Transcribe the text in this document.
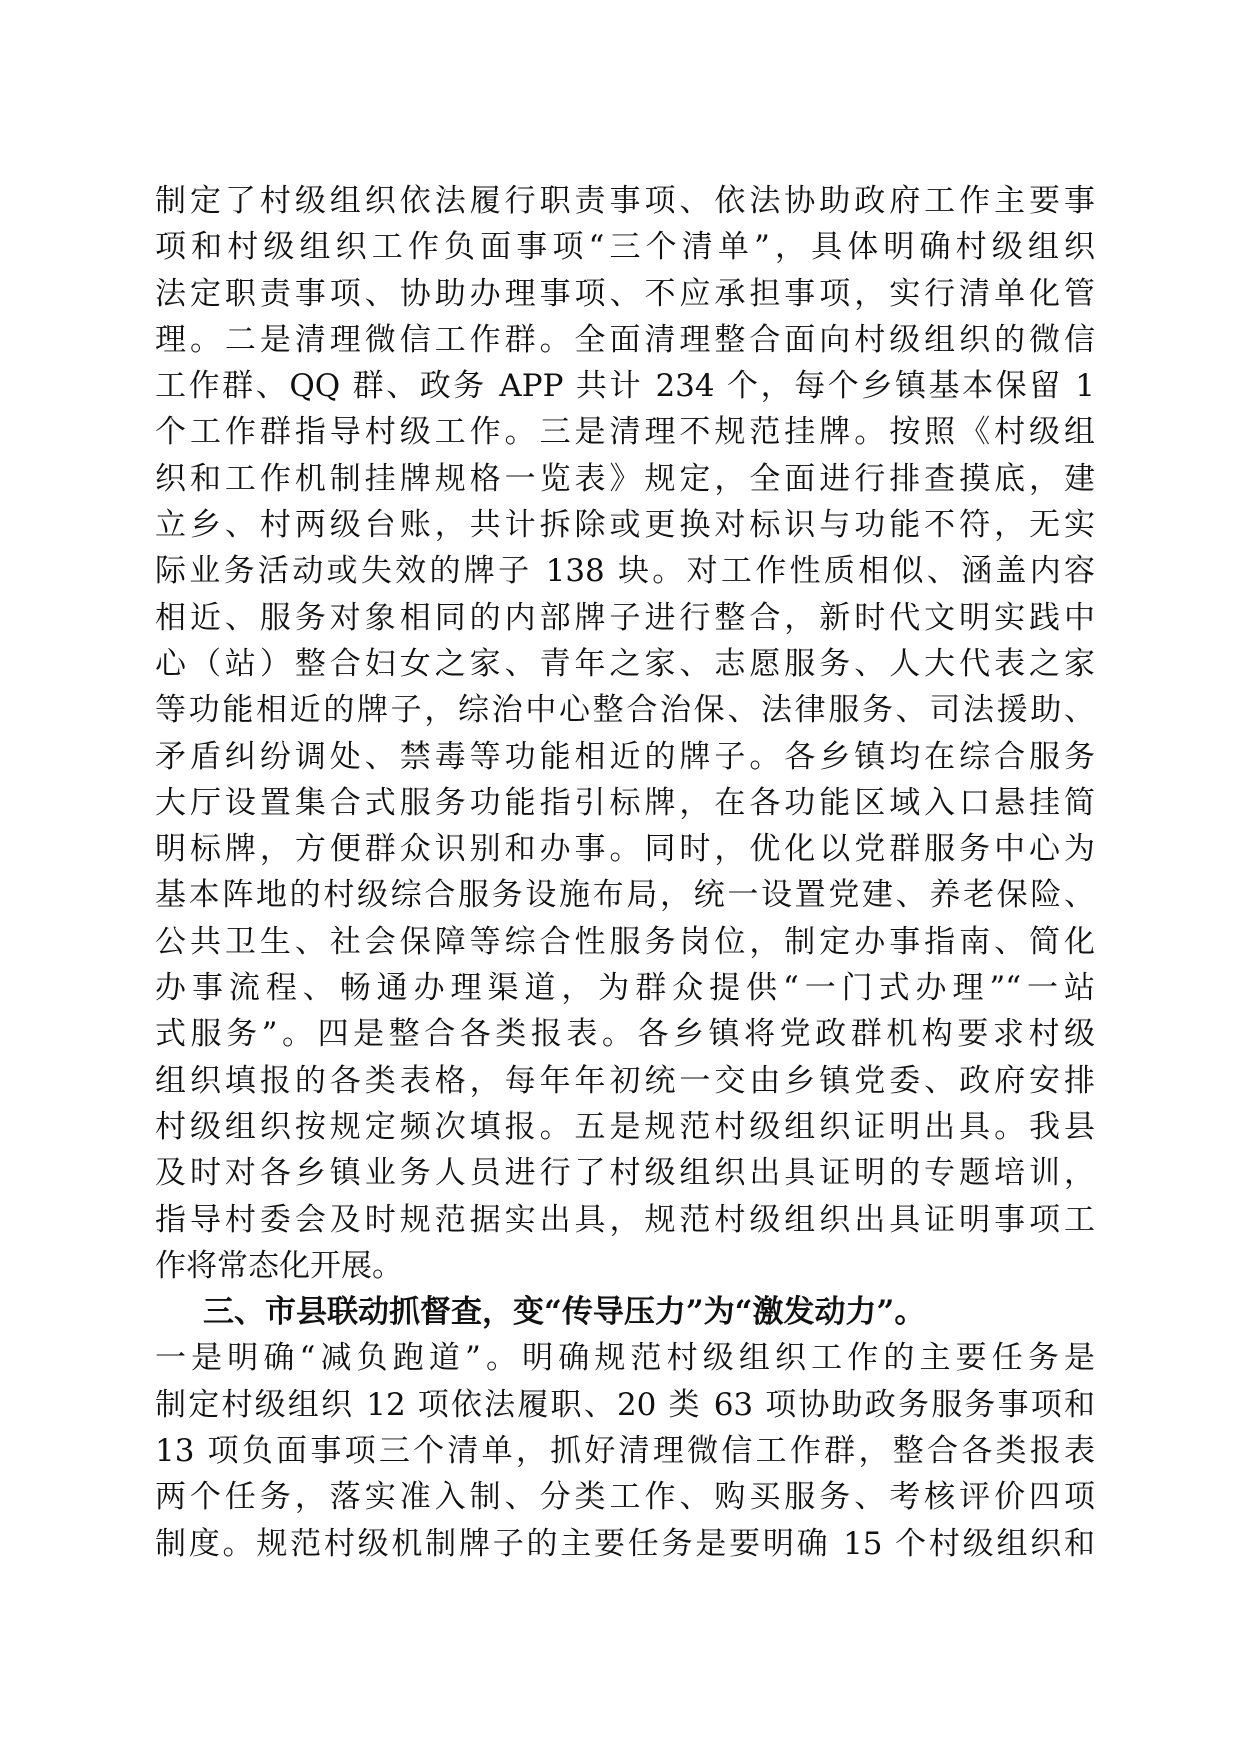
制定了村级组织依法履行职责事项、依法协助政府工作主要事
项和村级组织工作负面事项“三个清单”，具体明确村级组织
法定职责事项、协助办理事项、不应承担事项，实行清单化管
理。二是清理微信工作群。全面清理整合面向村级组织的微信
工作群、QQ 群、政务 APP 共计 234 个，每个乡镇基本保留 1
个工作群指导村级工作。三是清理不规范挂牌。按照《村级组
织和工作机制挂牌规格一览表》规定，全面进行排查摸底，建
立乡、村两级台账，共计拆除或更换对标识与功能不符，无实
际业务活动或失效的牌子 138 块。对工作性质相似、涵盖内容
相近、服务对象相同的内部牌子进行整合，新时代文明实践中
心（站）整合妇女之家、青年之家、志愿服务、人大代表之家
等功能相近的牌子，综治中心整合治保、法律服务、司法援助、
矛盾纠纷调处、禁毒等功能相近的牌子。各乡镇均在综合服务
大厅设置集合式服务功能指引标牌，在各功能区域入口悬挂简
明标牌，方便群众识别和办事。同时，优化以党群服务中心为
基本阵地的村级综合服务设施布局，统一设置党建、养老保险、
公共卫生、社会保障等综合性服务岗位，制定办事指南、简化
办事流程、畅通办理渠道，为群众提供“一门式办理”“一站
式服务”。四是整合各类报表。各乡镇将党政群机构要求村级
组织填报的各类表格，每年年初统一交由乡镇党委、政府安排
村级组织按规定频次填报。五是规范村级组织证明出具。我县
及时对各乡镇业务人员进行了村级组织出具证明的专题培训，
指导村委会及时规范据实出具，规范村级组织出具证明事项工
作将常态化开展。
三、市县联动抓督查，变“传导压力”为“激发动力”。
一是明确“减负跑道”。明确规范村级组织工作的主要任务是
制定村级组织 12 项依法履职、20 类 63 项协助政务服务事项和
13 项负面事项三个清单，抓好清理微信工作群，整合各类报表
两个任务，落实准入制、分类工作、购买服务、考核评价四项
制度。规范村级机制牌子的主要任务是要明确 15 个村级组织和
